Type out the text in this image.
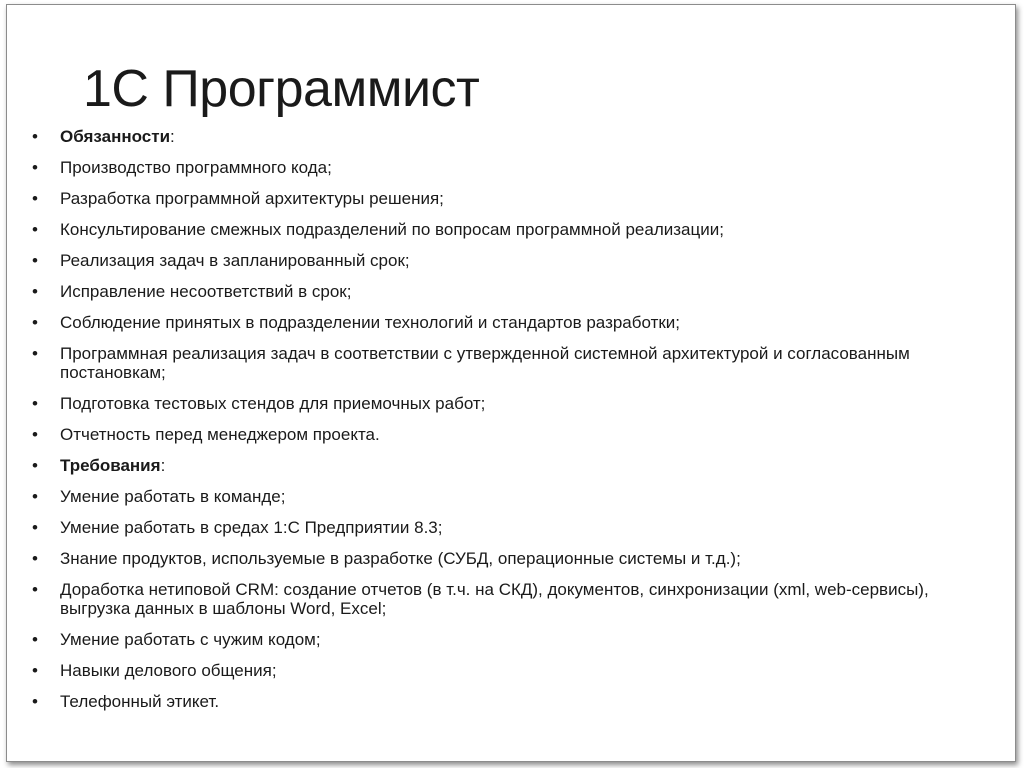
1С Программист
• Обязанности:
• Производство программного кода;
• Разработка программной архитектуры решения;
• Консультирование смежных подразделений по вопросам программной реализации;
• Реализация задач в запланированный срок;
• Исправление несоответствий в срок;
• Соблюдение принятых в подразделении технологий и стандартов разработки;
• Программная реализация задач в соответствии с утвержденной системной архитектурой и согласованным постановкам;
• Подготовка тестовых стендов для приемочных работ;
• Отчетность перед менеджером проекта.
• Требования:
• Умение работать в команде;
• Умение работать в средах 1:С Предприятии 8.3;
• Знание продуктов, используемые в разработке (СУБД, операционные системы и т.д.);
• Доработка нетиповой CRM: создание отчетов (в т.ч. на СКД), документов, синхронизации (xml, web-сервисы), выгрузка данных в шаблоны Word, Excel;
• Умение работать с чужим кодом;
• Навыки делового общения;
• Телефонный этикет.
